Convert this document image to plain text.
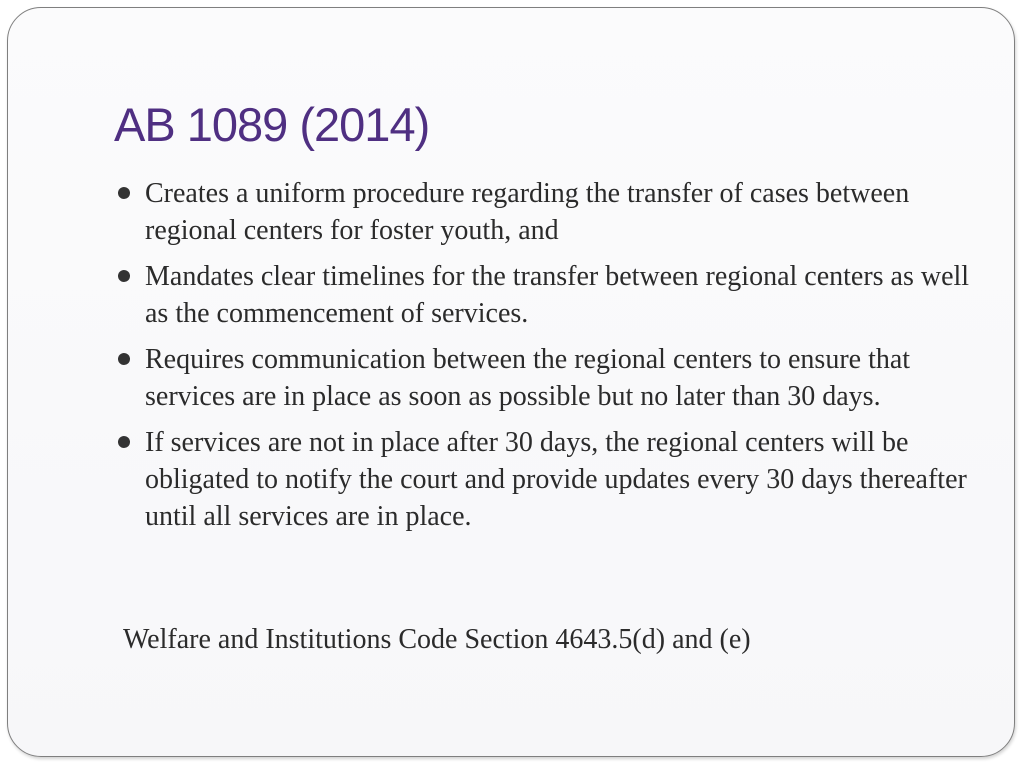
AB 1089 (2014)
Creates a uniform procedure regarding the transfer of cases between regional centers for foster youth, and
Mandates clear timelines for the transfer between regional centers as well as the commencement of services.
Requires communication between the regional centers to ensure that services are in place as soon as possible but no later than 30 days.
If services are not in place after 30 days, the regional centers will be obligated to notify the court and provide updates every 30 days thereafter until all services are in place.

Welfare and Institutions Code Section 4643.5(d) and (e)
